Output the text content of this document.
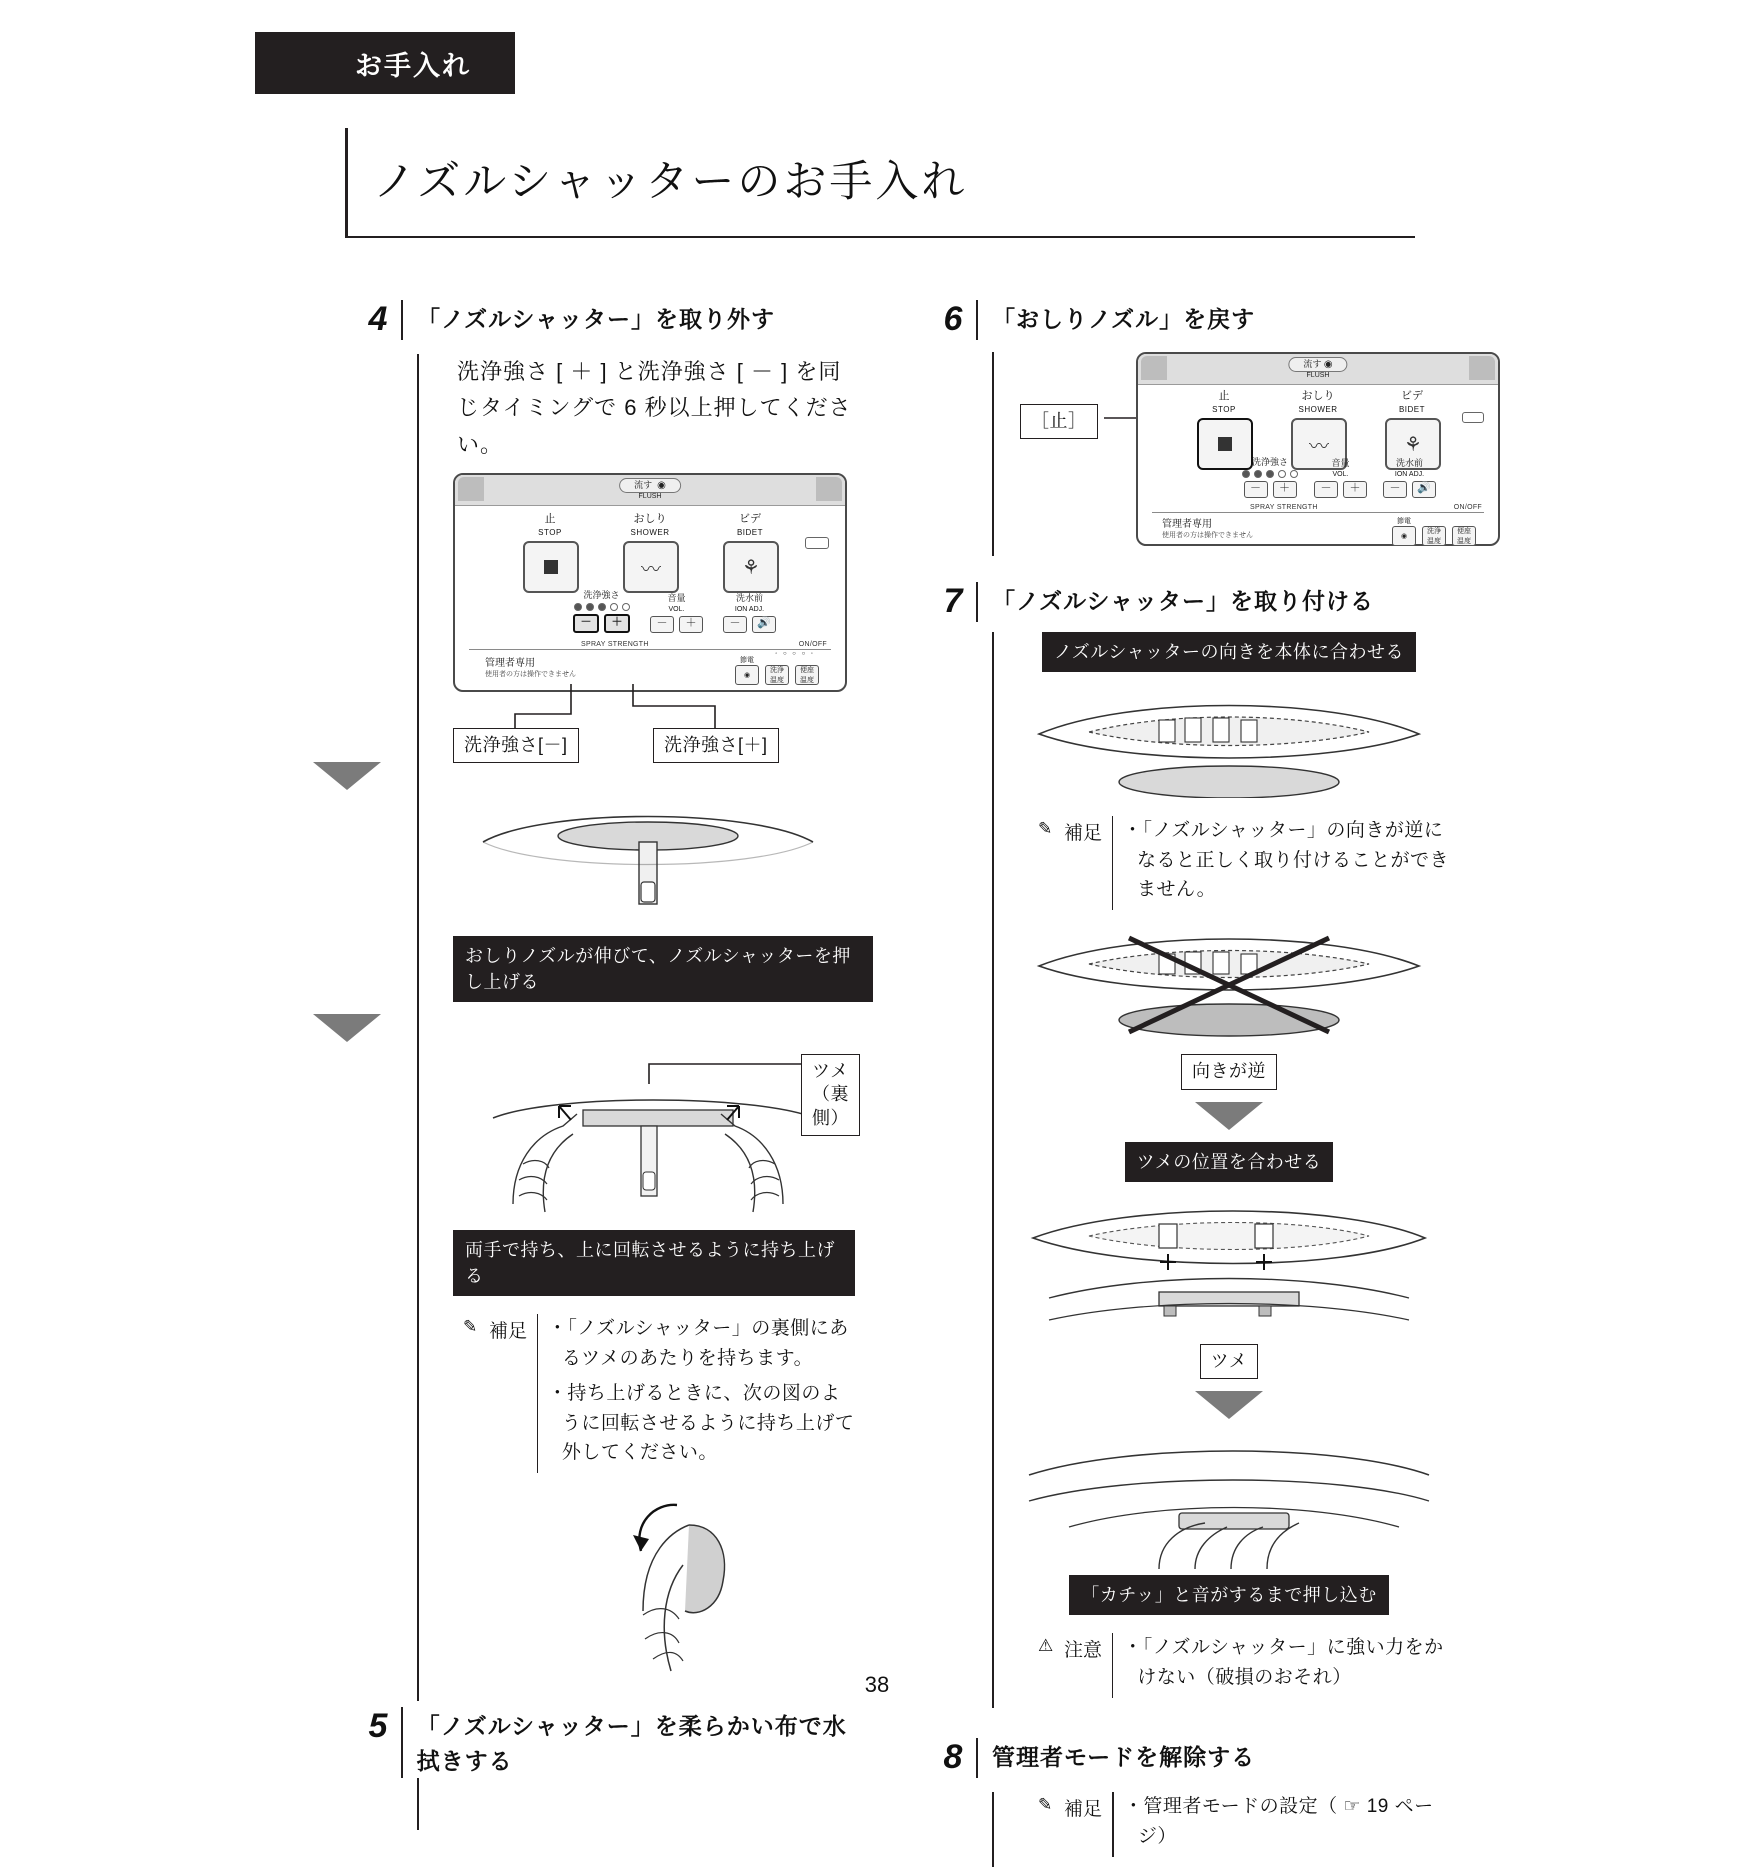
お手入れ
ノズルシャッターのお手入れ
4	「ノズルシャッター」を取り外す
洗浄強さ [ ＋ ] と洗浄強さ [ － ] を同じタイミングで 6 秒以上押してください。
流す ◉
FLUSH
止
STOP
おしり
SHOWER
〰
ビデ
BIDET
⚘
洗浄強さ
－	＋
音量
VOL.
－	＋
洗水前
ION ADJ.
－	🔊
SPRAY STRENGTH	ON/OFF
管理者専用
使用者の方は操作できません
節電
◉
洗浄
温度
便座
温度
◦ ○ ○ ○ ◦
洗浄強さ[－]	洗浄強さ[＋]
おしりノズルが伸びて、ノズルシャッターを押し上げる
ツメ（裏側）
両手で持ち、上に回転させるように持ち上げる
✎ 補足	・ 「ノズルシャッター」の裏側にあるツメのあたりを持ちます。
・ 持ち上げるときに、次の図のように回転させるように持ち上げて外してください。
5	「ノズルシャッター」を柔らかい布で水拭きする
6	「おしりノズル」を戻す
［止］
流す ◉
FLUSH
止
STOP
おしり
SHOWER
〰
ビデ
BIDET
⚘
洗浄強さ
－	＋
音量
VOL.
－	＋
洗水前
ION ADJ.
－	🔊
SPRAY STRENGTH	ON/OFF
管理者専用
使用者の方は操作できません
節電
◉
洗浄
温度
便座
温度
7	「ノズルシャッター」を取り付ける
ノズルシャッターの向きを本体に合わせる
✎ 補足	・ 「ノズルシャッター」の向きが逆になると正しく取り付けることができません。
向きが逆
ツメの位置を合わせる
ツメ
「カチッ」と音がするまで押し込む
⚠ 注意	・ 「ノズルシャッター」に強い力をかけない（破損のおそれ）
8	管理者モードを解除する
✎ 補足	・ 管理者モードの設定（ ☞ 19 ページ）
38
